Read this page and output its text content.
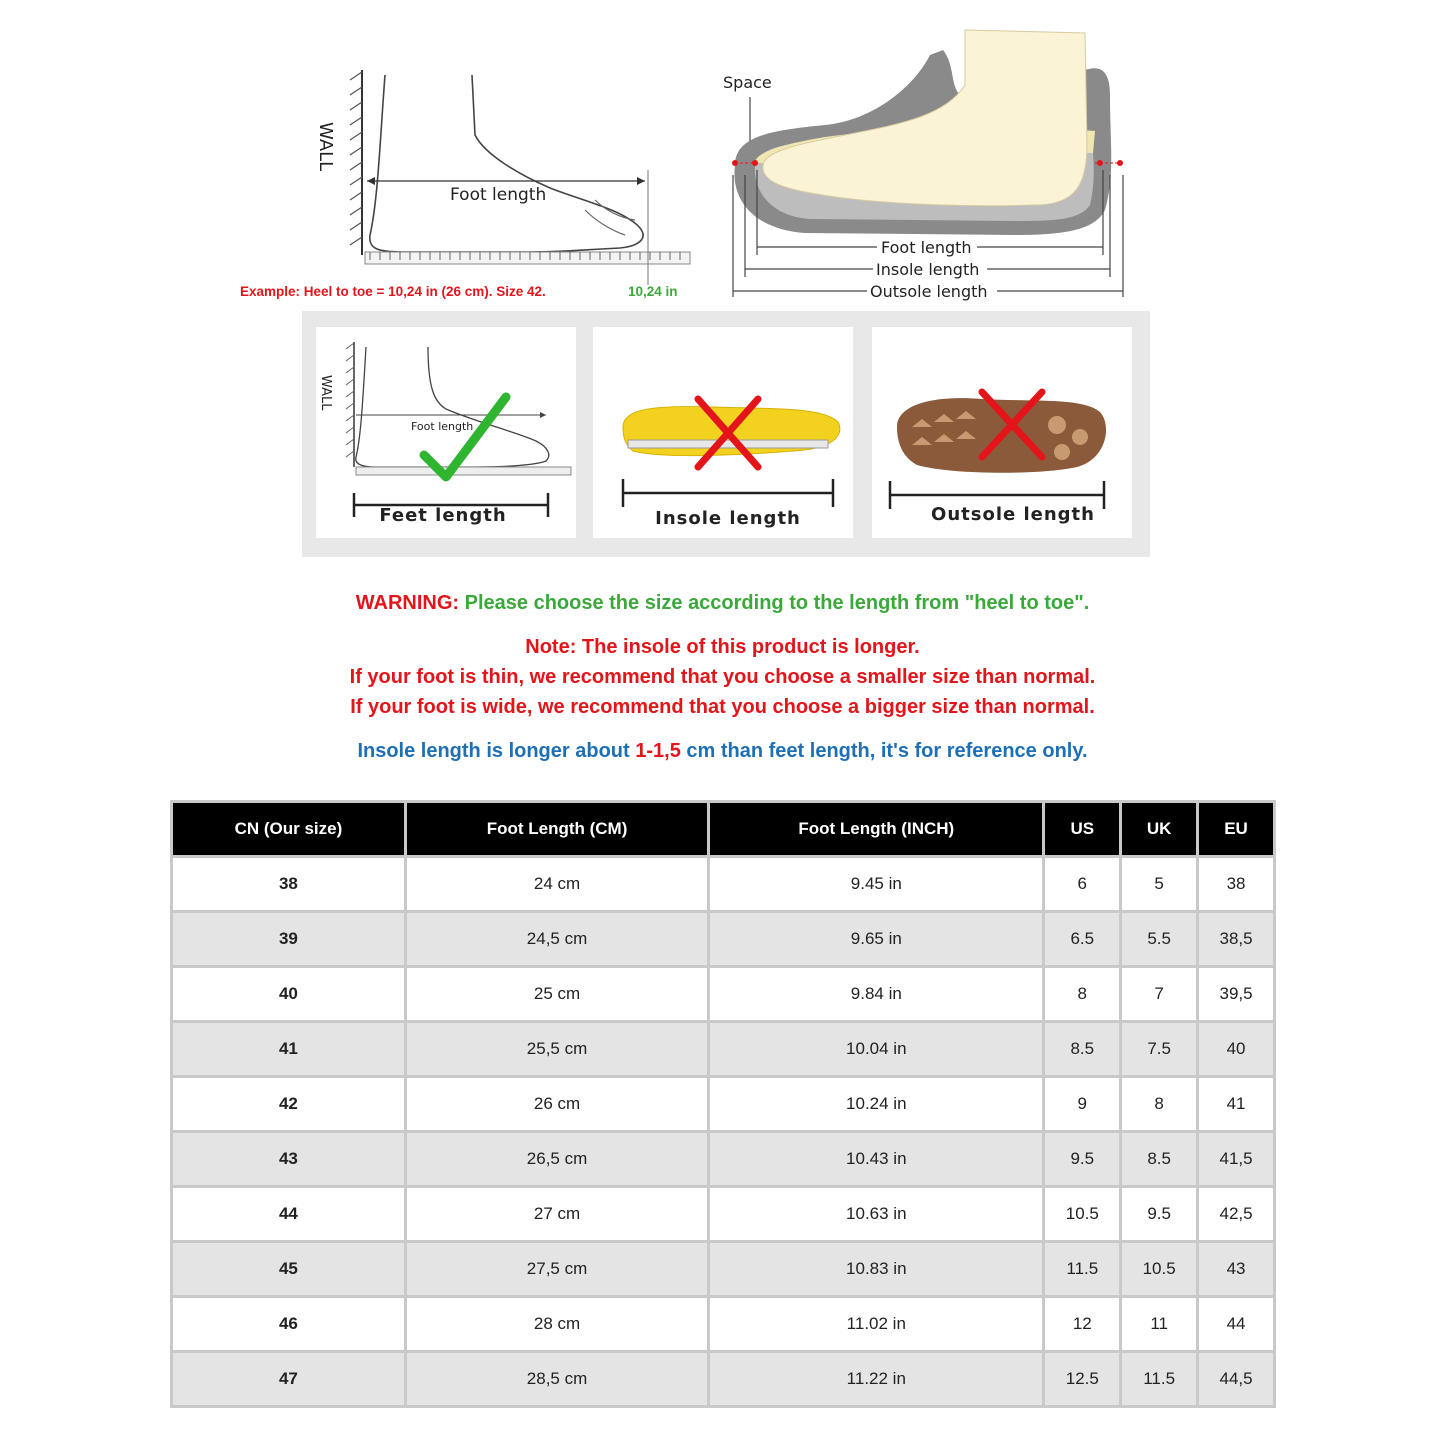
WALL
Foot length
Example: Heel to toe = 10,24 in (26 cm). Size 42.	10,24 in
Space
Foot length
Insole length
Outsole length
WALL
Foot length
Feet length	Insole length	Outsole length
WARNING: Please choose the size according to the length from "heel to toe".
Note: The insole of this product is longer.
If your foot is thin, we recommend that you choose a smaller size than normal.
If your foot is wide, we recommend that you choose a bigger size than normal.
Insole length is longer about 1-1,5 cm than feet length, it's for reference only.
CN (Our size)	Foot Length (CM)	Foot Length (INCH)	US	UK	EU
38	24 cm	9.45 in	6	5	38
39	24,5 cm	9.65 in	6.5	5.5	38,5
40	25 cm	9.84 in	8	7	39,5
41	25,5 cm	10.04 in	8.5	7.5	40
42	26 cm	10.24 in	9	8	41
43	26,5 cm	10.43 in	9.5	8.5	41,5
44	27 cm	10.63 in	10.5	9.5	42,5
45	27,5 cm	10.83 in	11.5	10.5	43
46	28 cm	11.02 in	12	11	44
47	28,5 cm	11.22 in	12.5	11.5	44,5
